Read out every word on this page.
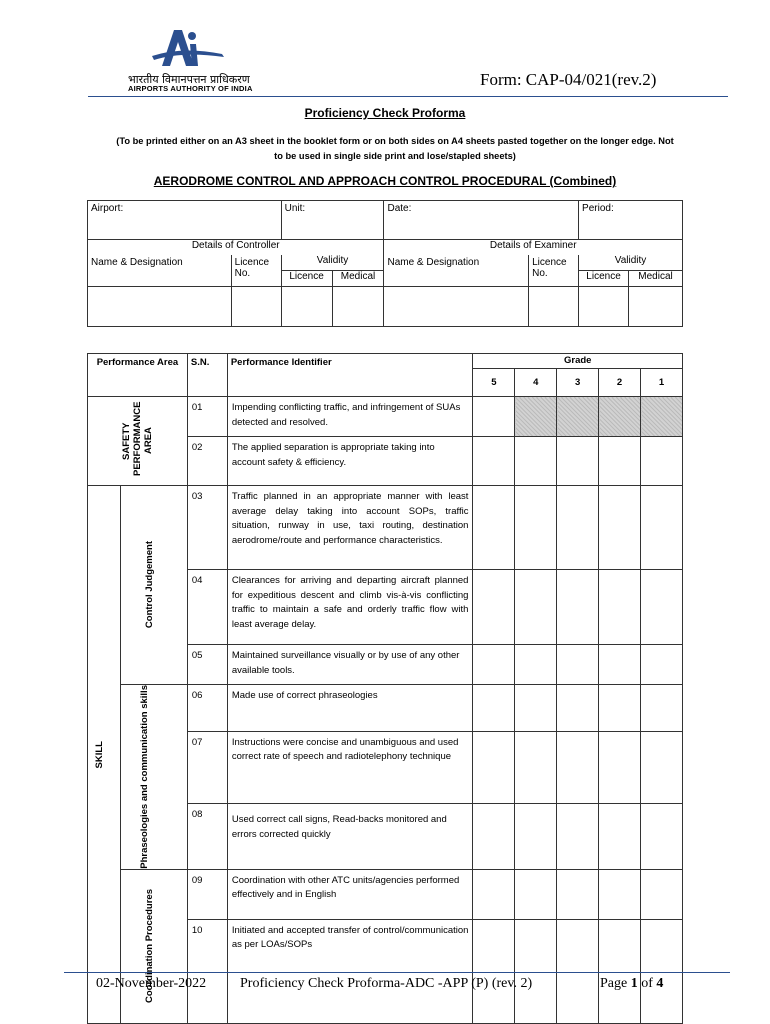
भारतीय विमानपत्तन प्राधिकरण
AIRPORTS AUTHORITY OF INDIA	Form: CAP-04/021(rev.2)
Proficiency Check Proforma
(To be printed either on an A3 sheet in the booklet form or on both sides on A4 sheets pasted together on the longer edge. Not to be used in single side print and lose/stapled sheets)
AERODROME CONTROL AND APPROACH CONTROL PROCEDURAL (Combined)
Airport:		Unit:		Date:		Period:	
Details of Controller				Details of Examiner			
Name & Designation	Licence No.	Validity		Name & Designation	Licence No.	Validity	
		Licence	Medical			Licence	Medical

Performance Area		S.N.	Performance Identifier	Grade				
				5	4	3	2	1

SAFETY PERFORMANCE AREA		01	Impending conflicting traffic, and infringement of SUAs detected and resolved.					
		02	The applied separation is appropriate taking into account safety & efficiency.					

SKILL	Control Judgement	03	Traffic planned in an appropriate manner with least average delay taking into account SOPs, traffic situation, runway in use, taxi routing, destination aerodrome/route and performance characteristics.					
		04	Clearances for arriving and departing aircraft planned for expeditious descent and climb vis-à-vis conflicting traffic to maintain a safe and orderly traffic flow with least average delay.					
		05	Maintained surveillance visually or by use of any other available tools.					

	Phraseologies and communication skills	06	Made use of correct phraseologies					
		07	Instructions were concise and unambiguous and used correct rate of speech and radiotelephony technique					
		08	Used correct call signs, Read-backs monitored and errors corrected quickly					

	Coordination Procedures	09	Coordination with other ATC units/agencies performed effectively and in English					
		10	Initiated and accepted transfer of control/communication as per LOAs/SOPs					
02-November-2022 Proficiency Check Proforma-ADC -APP (P) (rev. 2)	Page 1 of 4
